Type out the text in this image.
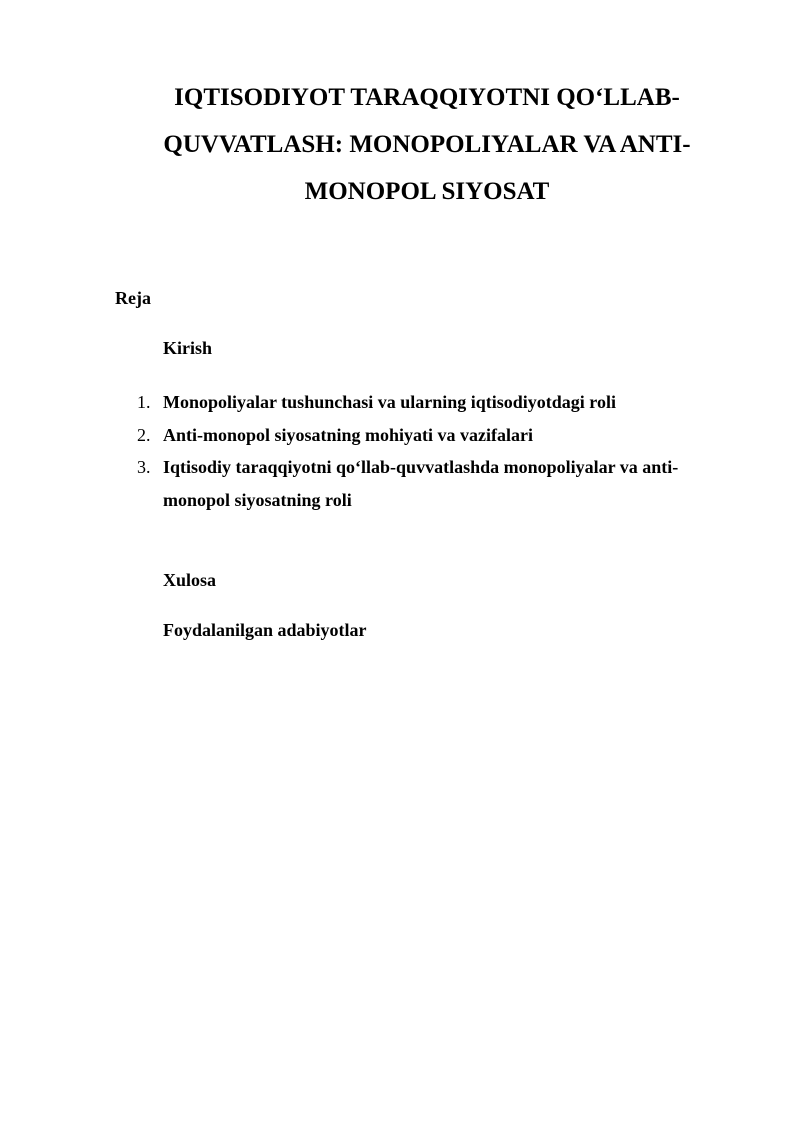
IQTISODIYOT TARAQQIYOTNI QO‘LLAB-
QUVVATLASH: MONOPOLIYALAR VA ANTI-
MONOPOL SIYOSAT

Reja

Kirish

1. Monopoliyalar tushunchasi va ularning iqtisodiyotdagi roli
2. Anti-monopol siyosatning mohiyati va vazifalari
3. Iqtisodiy taraqqiyotni qo‘llab-quvvatlashda monopoliyalar va anti-
monopol siyosatning roli

Xulosa

Foydalanilgan adabiyotlar
